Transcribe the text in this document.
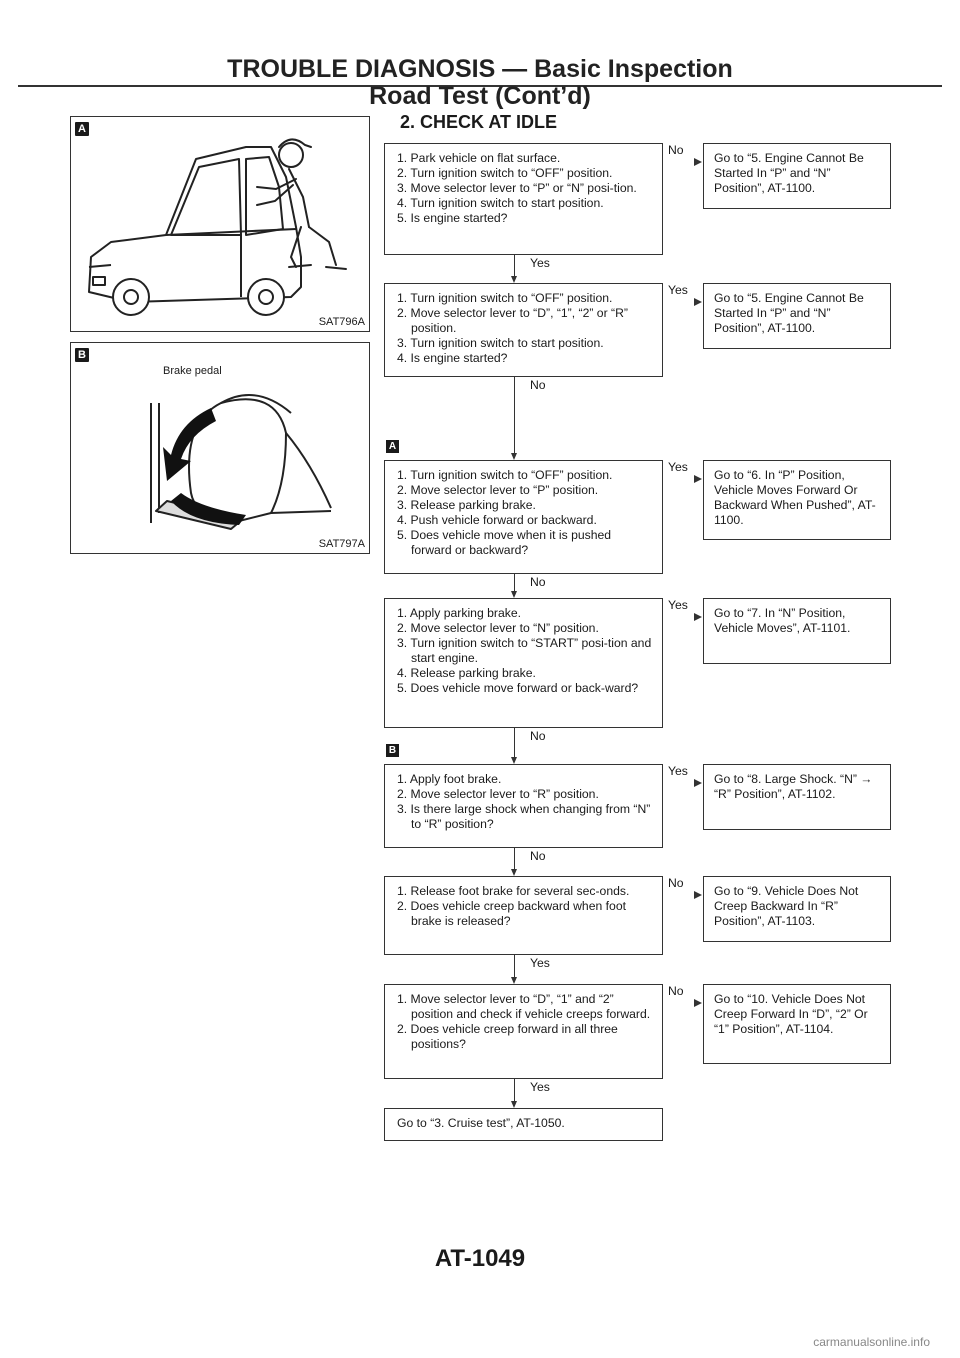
TROUBLE DIAGNOSIS — Basic Inspection
Road Test (Cont’d)
A
SAT796A
B
Brake pedal
SAT797A
2. CHECK AT IDLE
1. Park vehicle on flat surface.
2. Turn ignition switch to “OFF” position.
3. Move selector lever to “P” or “N” posi-tion.
4. Turn ignition switch to start position.
5. Is engine started?
Yes
No
Go to “5. Engine Cannot Be Started In “P” and “N” Position”, AT-1100.
1. Turn ignition switch to “OFF” position.
2. Move selector lever to “D”, “1”, “2” or “R” position.
3. Turn ignition switch to start position.
4. Is engine started?
No
Yes
Go to “5. Engine Cannot Be Started In “P” and “N” Position”, AT-1100.
1. Turn ignition switch to “OFF” position.
2. Move selector lever to “P” position.
3. Release parking brake.
4. Push vehicle forward or backward.
5. Does vehicle move when it is pushed forward or backward?
No
Yes
Go to “6. In “P” Position, Vehicle Moves Forward Or Backward When Pushed”, AT-1100.
A
1. Apply parking brake.
2. Move selector lever to “N” position.
3. Turn ignition switch to “START” posi-tion and start engine.
4. Release parking brake.
5. Does vehicle move forward or back-ward?
No
Yes
Go to “7. In “N” Position, Vehicle Moves”, AT-1101.
1. Apply foot brake.
2. Move selector lever to “R” position.
3. Is there large shock when changing from “N” to “R” position?
No
Yes
Go to “8. Large Shock. “N” → “R” Position”, AT-1102.
B
1. Release foot brake for several sec-onds.
2. Does vehicle creep backward when foot brake is released?
Yes
No
Go to “9. Vehicle Does Not Creep Backward In “R” Position”, AT-1103.
1. Move selector lever to “D”, “1” and “2” position and check if vehicle creeps forward.
2. Does vehicle creep forward in all three positions?
Yes
No
Go to “10. Vehicle Does Not Creep Forward In “D”, “2” Or “1” Position”, AT-1104.
Go to “3. Cruise test”, AT-1050.
AT-1049
carmanualsonline.info
